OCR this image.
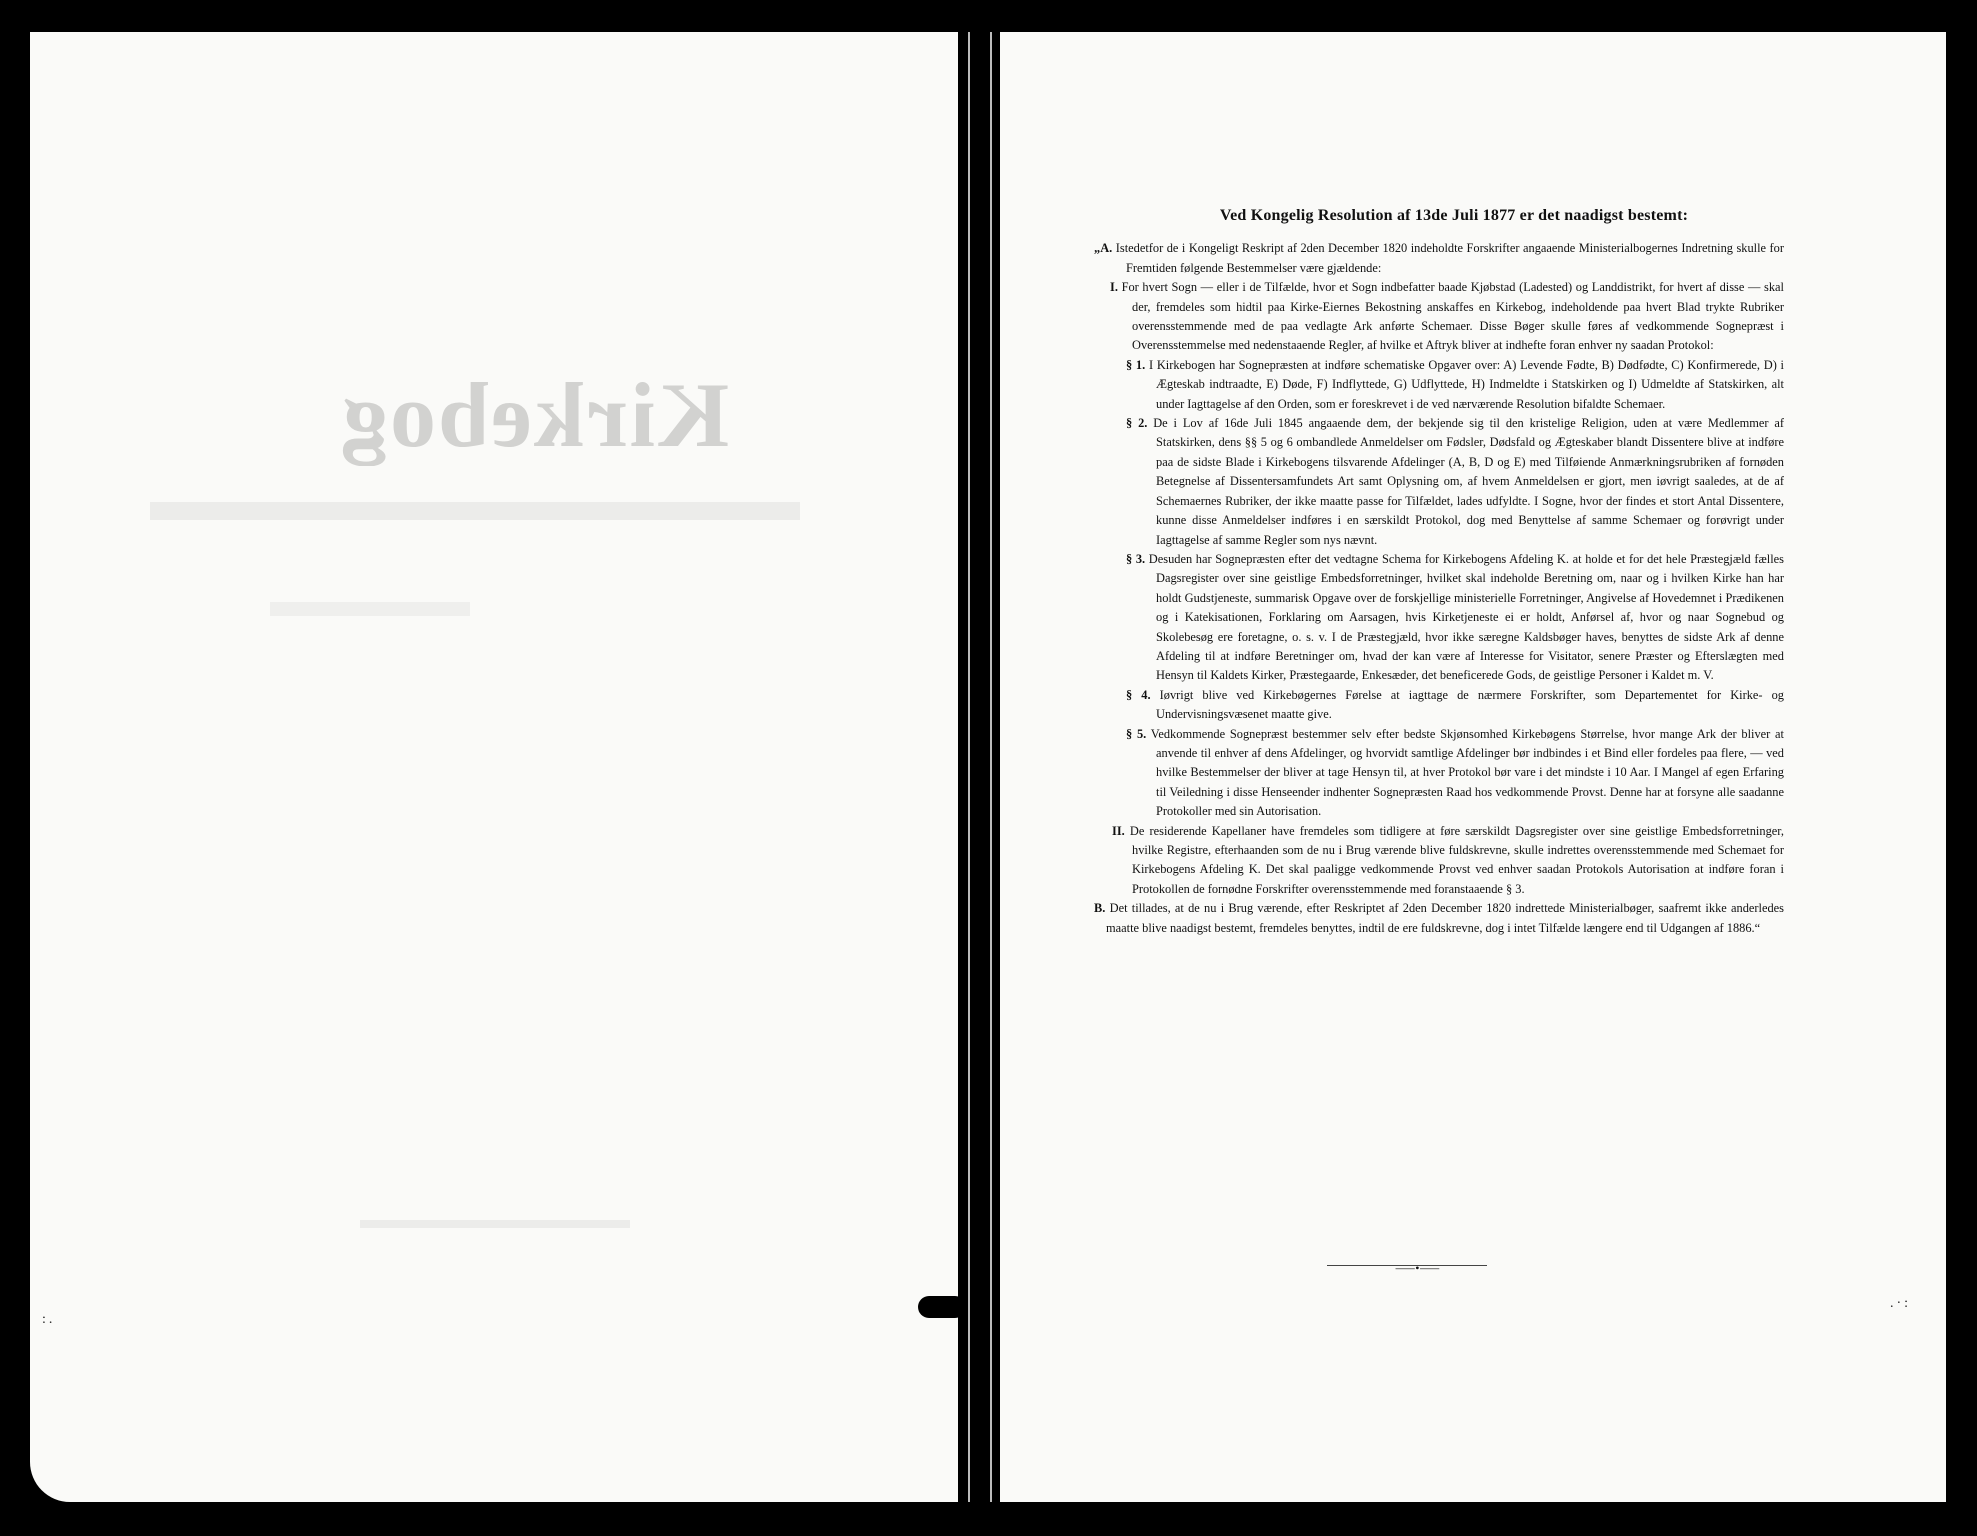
Kirkebog
:.
.·:

Ved Kongelig Resolution af 13de Juli 1877 er det naadigst bestemt:

„A. Istedetfor de i Kongeligt Reskript af 2den December 1820 indeholdte Forskrifter angaaende Ministerialbogernes Indretning skulle for Fremtiden følgende Bestemmelser være gjældende:

I. For hvert Sogn — eller i de Tilfælde, hvor et Sogn indbefatter baade Kjøbstad (Ladested) og Landdistrikt, for hvert af disse — skal der, fremdeles som hidtil paa Kirke-Eiernes Bekostning anskaffes en Kirkebog, indeholdende paa hvert Blad trykte Rubriker overensstemmende med de paa vedlagte Ark anførte Schemaer. Disse Bøger skulle føres af vedkommende Sognepræst i Overensstemmelse med nedenstaaende Regler, af hvilke et Aftryk bliver at indhefte foran enhver ny saadan Protokol:

§ 1. I Kirkebogen har Sognepræsten at indføre schematiske Opgaver over: A) Levende Fødte, B) Dødfødte, C) Konfirmerede, D) i Ægteskab indtraadte, E) Døde, F) Indflyttede, G) Udflyttede, H) Indmeldte i Statskirken og I) Udmeldte af Statskirken, alt under Iagttagelse af den Orden, som er foreskrevet i de ved nærværende Resolution bifaldte Schemaer.

§ 2. De i Lov af 16de Juli 1845 angaaende dem, der bekjende sig til den kristelige Religion, uden at være Medlemmer af Statskirken, dens §§ 5 og 6 ombandlede Anmeldelser om Fødsler, Dødsfald og Ægteskaber blandt Dissentere blive at indføre paa de sidste Blade i Kirkebogens tilsvarende Afdelinger (A, B, D og E) med Tilføiende Anmærkningsrubriken af fornøden Betegnelse af Dissentersamfundets Art samt Oplysning om, af hvem Anmeldelsen er gjort, men iøvrigt saaledes, at de af Schemaernes Rubriker, der ikke maatte passe for Tilfældet, lades udfyldte. I Sogne, hvor der findes et stort Antal Dissentere, kunne disse Anmeldelser indføres i en særskildt Protokol, dog med Benyttelse af samme Schemaer og forøvrigt under Iagttagelse af samme Regler som nys nævnt.

§ 3. Desuden har Sognepræsten efter det vedtagne Schema for Kirkebogens Afdeling K. at holde et for det hele Præstegjæld fælles Dagsregister over sine geistlige Embedsforretninger, hvilket skal indeholde Beretning om, naar og i hvilken Kirke han har holdt Gudstjeneste, summarisk Opgave over de forskjellige ministerielle Forretninger, Angivelse af Hovedemnet i Prædikenen og i Katekisationen, Forklaring om Aarsagen, hvis Kirketjeneste ei er holdt, Anførsel af, hvor og naar Sognebud og Skolebesøg ere foretagne, o. s. v. I de Præstegjæld, hvor ikke særegne Kaldsbøger haves, benyttes de sidste Ark af denne Afdeling til at indføre Beretninger om, hvad der kan være af Interesse for Visitator, senere Præster og Efterslægten med Hensyn til Kaldets Kirker, Præstegaarde, Enkesæder, det beneficerede Gods, de geistlige Personer i Kaldet m. V.

§ 4. Iøvrigt blive ved Kirkebøgernes Førelse at iagttage de nærmere Forskrifter, som Departementet for Kirke- og Undervisningsvæsenet maatte give.

§ 5. Vedkommende Sognepræst bestemmer selv efter bedste Skjønsomhed Kirkebøgens Størrelse, hvor mange Ark der bliver at anvende til enhver af dens Afdelinger, og hvorvidt samtlige Afdelinger bør indbindes i et Bind eller fordeles paa flere, — ved hvilke Bestemmelser der bliver at tage Hensyn til, at hver Protokol bør vare i det mindste i 10 Aar. I Mangel af egen Erfaring til Veiledning i disse Henseender indhenter Sognepræsten Raad hos vedkommende Provst. Denne har at forsyne alle saadanne Protokoller med sin Autorisation.

II. De residerende Kapellaner have fremdeles som tidligere at føre særskildt Dagsregister over sine geistlige Embedsforretninger, hvilke Registre, efterhaanden som de nu i Brug værende blive fuldskrevne, skulle indrettes overensstemmende med Schemaet for Kirkebogens Afdeling K. Det skal paaligge vedkommende Provst ved enhver saadan Protokols Autorisation at indføre foran i Protokollen de fornødne Forskrifter overensstemmende med foranstaaende § 3.

B. Det tillades, at de nu i Brug værende, efter Reskriptet af 2den December 1820 indrettede Ministerialbøger, saafremt ikke anderledes maatte blive naadigst bestemt, fremdeles benyttes, indtil de ere fuldskrevne, dog i intet Tilfælde længere end til Udgangen af 1886.“

⸺•⸺
